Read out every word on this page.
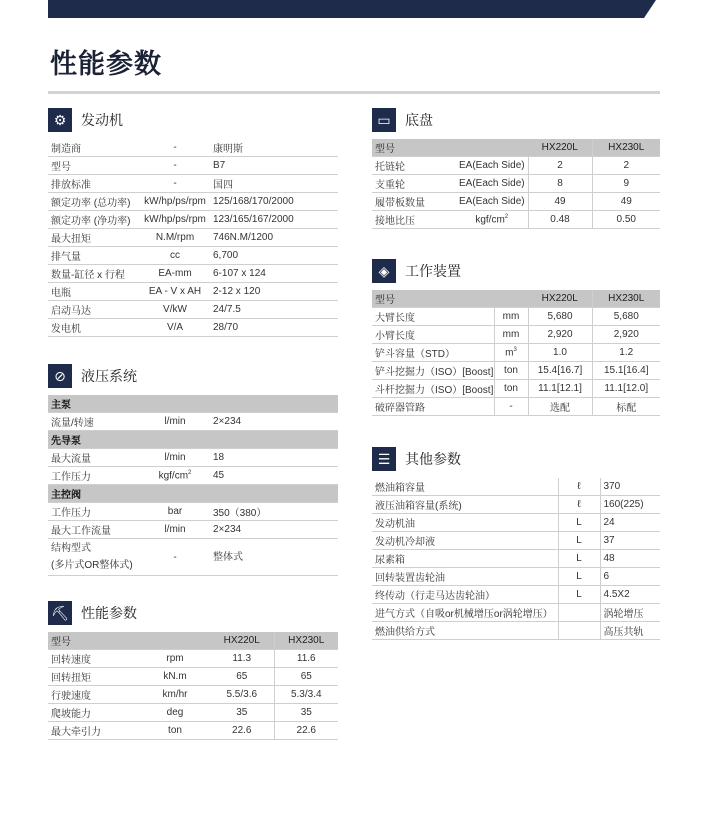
性能参数
⚙	发动机
制造商	-	康明斯
型号	-	B7
排放标准	-	国四
额定功率 (总功率)	kW/hp/ps/rpm	125/168/170/2000
额定功率 (净功率)	kW/hp/ps/rpm	123/165/167/2000
最大扭矩	N.M/rpm	746N.M/1200
排气量	cc	6,700
数量-缸径 x 行程	EA-mm	6-107 x 124
电瓶	EA - V x AH	2-12 x 120
启动马达	V/kW	24/7.5
发电机	V/A	28/70
⊘	液压系统
主泵		
流量/转速	l/min	2×234
先导泵		
最大流量	l/min	18
工作压力	kgf/$cm^2$	45
主控阀		
工作压力	bar	350（380）
最大工作流量	l/min	2×234
结构型式
(多片式OR整体式)	-	整体式
⛏ 性能参数
型号		HX220L	HX230L
回转速度	rpm	11.3	11.6
回转扭矩	kN.m	65	65
行驶速度	km/hr	5.5/3.6	5.3/3.4
爬坡能力	deg	35	35
最大牵引力	ton	22.6	22.6
▭	底盘
型号		HX220L	HX230L
托链轮	EA(Each Side)	2	2
支重轮	EA(Each Side)	8	9
履带板数量	EA(Each Side)	49	49
接地比压	kgf/$cm^2$	0.48	0.50
◈	工作装置
型号		HX220L	HX230L
大臂长度	mm	5,680	5,680
小臂长度	mm	2,920	2,920
铲斗容量（STD）	$m^3$	1.0	1.2
铲斗挖掘力（ISO）[Boost]	ton	15.4[16.7]	15.1[16.4]
斗杆挖掘力（ISO）[Boost]	ton	11.1[12.1]	11.1[12.0]
破碎器管路	-	选配	标配
☰	其他参数
燃油箱容量	ℓ	370
液压油箱容量(系统)	ℓ	160(225)
发动机油	L	24
发动机冷却液	L	37
尿素箱	L	48
回转装置齿轮油	L	6
终传动（行走马达齿轮油）	L	4.5X2
进气方式（自吸or机械增压or涡轮增压）		涡轮增压
燃油供给方式		高压共轨
